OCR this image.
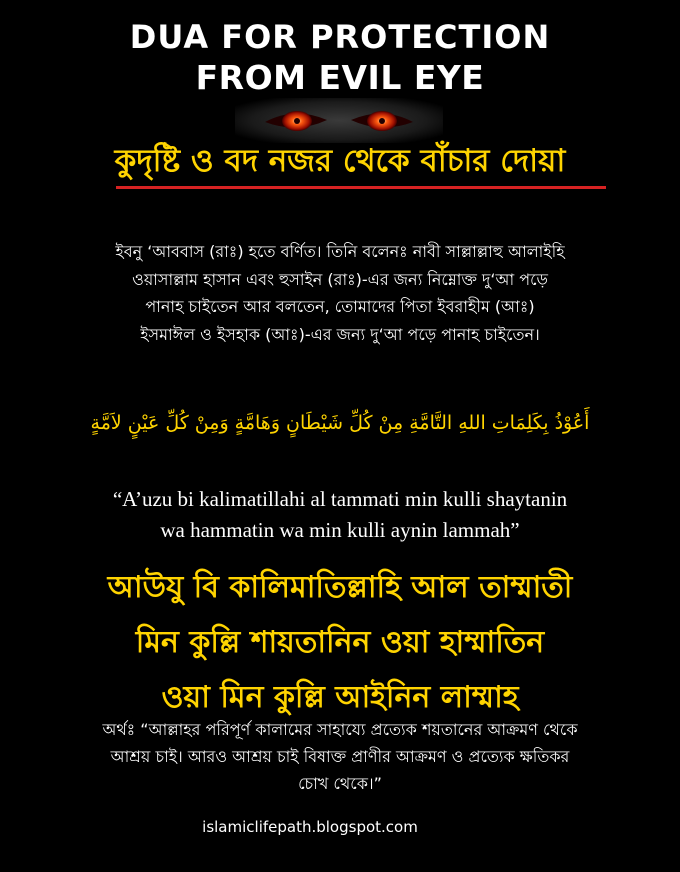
DUA FOR PROTECTION
FROM EVIL EYE
কুদৃষ্টি ও বদ নজর থেকে বাঁচার দোয়া
ইবনু ‘আববাস (রাঃ) হতে বর্ণিত। তিনি বলেনঃ নাবী সাল্লাল্লাহু আলাইহি
ওয়াসাল্লাম হাসান এবং হুসাইন (রাঃ)-এর জন্য নিম্নোক্ত দু‘আ পড়ে
পানাহ চাইতেন আর বলতেন, তোমাদের পিতা ইবরাহীম (আঃ)
ইসমাঈল ও ইসহাক (আঃ)-এর জন্য দু‘আ পড়ে পানাহ চাইতেন।
أَعُوْذُ بِكَلِمَاتِ اللهِ التَّامَّةِ مِنْ كُلِّ شَيْطَانٍ وَهَامَّةٍ وَمِنْ كُلِّ عَيْنٍ لاَمَّةٍ
“A’uzu bi kalimatillahi al tammati min kulli shaytanin
wa hammatin wa min kulli aynin lammah”
আউযু বি কালিমাতিল্লাহি আল তাম্মাতী
মিন কুল্লি শায়তানিন ওয়া হাম্মাতিন
ওয়া মিন কুল্লি আইনিন লাম্মাহ
অর্থঃ “আল্লাহর পরিপূর্ণ কালামের সাহায্যে প্রত্যেক শয়তানের আক্রমণ থেকে
আশ্রয় চাই। আরও আশ্রয় চাই বিষাক্ত প্রাণীর আক্রমণ ও প্রত্যেক ক্ষতিকর
চোখ থেকে।”
islamiclifepath.blogspot.com
